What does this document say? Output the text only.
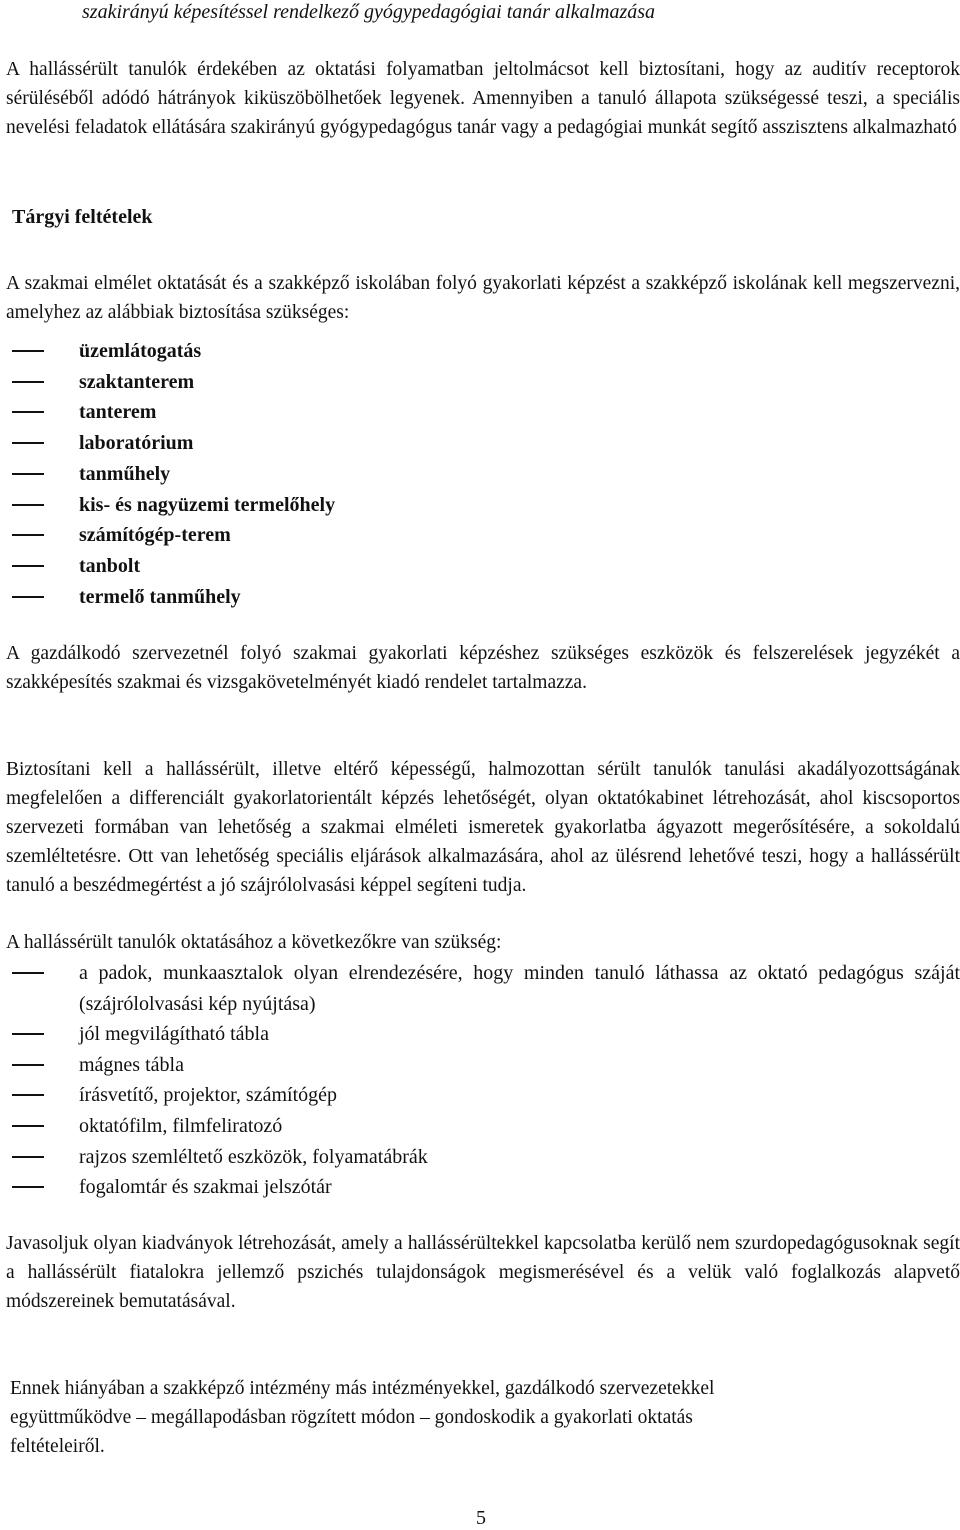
szakirányú képesítéssel rendelkező gyógypedagógiai tanár alkalmazása

A hallássérült tanulók érdekében az oktatási folyamatban jeltolmácsot kell biztosítani, hogy az auditív receptorok sérüléséből adódó hátrányok kiküszöbölhetőek legyenek. Amennyiben a tanuló állapota szükségessé teszi, a speciális nevelési feladatok ellátására szakirányú gyógypedagógus tanár vagy a pedagógiai munkát segítő asszisztens alkalmazható

Tárgyi feltételek

A szakmai elmélet oktatását és a szakképző iskolában folyó gyakorlati képzést a szakképző iskolának kell megszervezni, amelyhez az alábbiak biztosítása szükséges:

üzemlátogatás
szaktanterem
tanterem
laboratórium
tanműhely
kis- és nagyüzemi termelőhely
számítógép-terem
tanbolt
termelő tanműhely

A gazdálkodó szervezetnél folyó szakmai gyakorlati képzéshez szükséges eszközök és felszerelések jegyzékét a szakképesítés szakmai és vizsgakövetelményét kiadó rendelet tartalmazza.

Biztosítani kell a hallássérült, illetve eltérő képességű, halmozottan sérült tanulók tanulási akadályozottságának megfelelően a differenciált gyakorlatorientált képzés lehetőségét, olyan oktatókabinet létrehozását, ahol kiscsoportos szervezeti formában van lehetőség a szakmai elméleti ismeretek gyakorlatba ágyazott megerősítésére, a sokoldalú szemléltetésre. Ott van lehetőség speciális eljárások alkalmazására, ahol az ülésrend lehetővé teszi, hogy a hallássérült tanuló a beszédmegértést a jó szájrólolvasási képpel segíteni tudja.

A hallássérült tanulók oktatásához a következőkre van szükség:

a padok, munkaasztalok olyan elrendezésére, hogy minden tanuló láthassa az oktató pedagógus száját (szájrólolvasási kép nyújtása)
jól megvilágítható tábla
mágnes tábla
írásvetítő, projektor, számítógép
oktatófilm, filmfeliratozó
rajzos szemléltető eszközök, folyamatábrák
fogalomtár és szakmai jelszótár

Javasoljuk olyan kiadványok létrehozását, amely a hallássérültekkel kapcsolatba kerülő nem szurdopedagógusoknak segít a hallássérült fiatalokra jellemző pszichés tulajdonságok megismerésével és a velük való foglalkozás alapvető módszereinek bemutatásával.

Ennek hiányában a szakképző intézmény más intézményekkel, gazdálkodó szervezetekkel
együttműködve – megállapodásban rögzített módon – gondoskodik a gyakorlati oktatás
feltételeiről.
5
